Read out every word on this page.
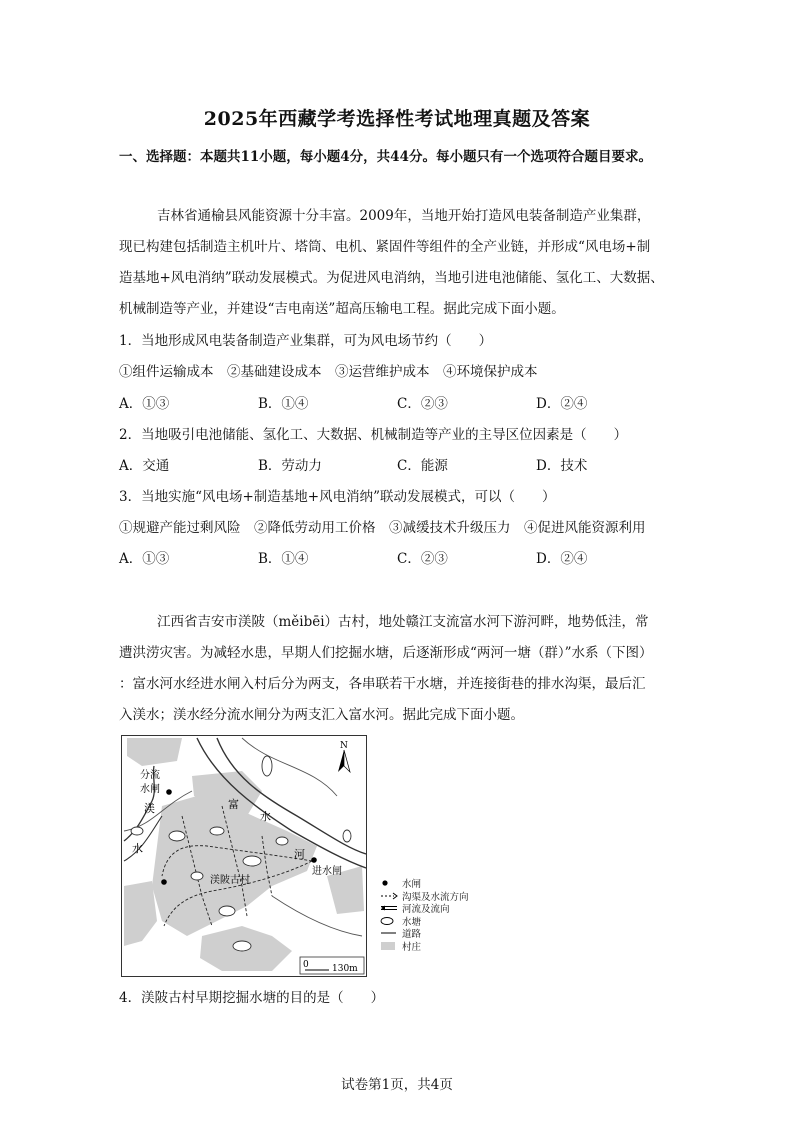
2025年西藏学考选择性考试地理真题及答案
一、选择题：本题共11小题，每小题4分，共44分。每小题只有一个选项符合题目要求。
吉林省通榆县风能资源十分丰富。2009年，当地开始打造风电装备制造产业集群，
现已构建包括制造主机叶片、塔筒、电机、紧固件等组件的全产业链，并形成“风电场+制
造基地+风电消纳”联动发展模式。为促进风电消纳，当地引进电池储能、氢化工、大数据、
机械制造等产业，并建设“吉电南送”超高压输电工程。据此完成下面小题。
1．当地形成风电装备制造产业集群，可为风电场节约（　　）
①组件运输成本　②基础建设成本　③运营维护成本　④环境保护成本
A．①③	B．①④	C．②③	D．②④
2．当地吸引电池储能、氢化工、大数据、机械制造等产业的主导区位因素是（　　）
A．交通	B．劳动力	C．能源	D．技术
3．当地实施“风电场+制造基地+风电消纳”联动发展模式，可以（　　）
①规避产能过剩风险　②降低劳动用工价格　③减缓技术升级压力　④促进风能资源利用
A．①③	B．①④	C．②③	D．②④
江西省吉安市渼陂（měibēi）古村，地处赣江支流富水河下游河畔，地势低洼，常
遭洪涝灾害。为减轻水患，早期人们挖掘水塘，后逐渐形成“两河一塘（群）”水系（下图）
：富水河水经进水闸入村后分为两支，各串联若干水塘，并连接街巷的排水沟渠，最后汇
入渼水；渼水经分流水闸分为两支汇入富水河。据此完成下面小题。
N
分流
水闸
渼
水
富
水
河
进水闸
渼陂古村
0	130m
水闸
沟渠及水流方向
河流及流向
水塘
道路
村庄
4．渼陂古村早期挖掘水塘的目的是（　　）
试卷第1页，共4页
